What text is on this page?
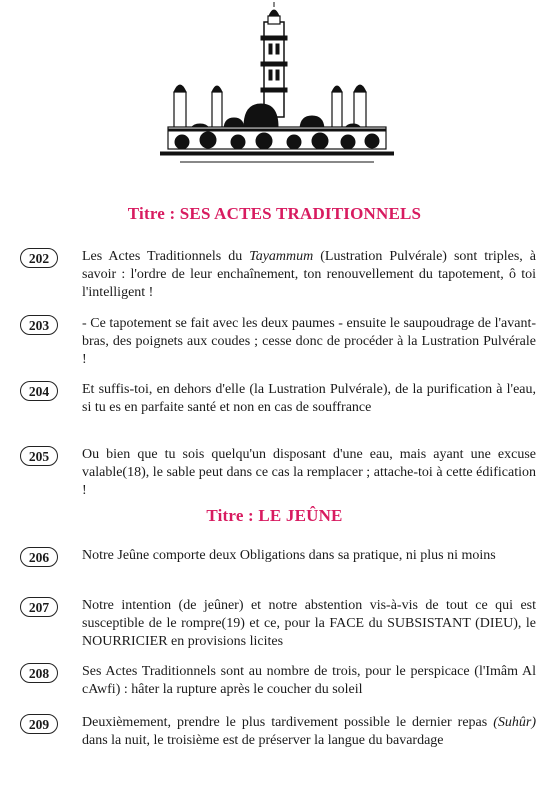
Titre : SES ACTES TRADITIONNELS
202	Les Actes Traditionnels du Tayammum (Lustration Pulvérale) sont triples, à savoir : l'ordre de leur enchaînement, ton renouvellement du tapotement, ô toi l'intelligent !
203	- Ce tapotement se fait avec les deux paumes - ensuite le saupoudrage de l'avant-bras, des poignets aux coudes ; cesse donc de procéder à la Lustration Pulvérale !
204	Et suffis-toi, en dehors d'elle (la Lustration Pulvérale), de la purification à l'eau, si tu es en parfaite santé et non en cas de souffrance
205	Ou bien que tu sois quelqu'un disposant d'une eau, mais ayant une excuse valable(18), le sable peut dans ce cas la remplacer ; attache-toi à cette édification !
Titre : LE JEÛNE
206	Notre Jeûne comporte deux Obligations dans sa pratique, ni plus ni moins
207	Notre intention (de jeûner) et notre abstention vis-à-vis de tout ce qui est susceptible de le rompre(19) et ce, pour la FACE du SUBSISTANT (DIEU), le NOURRICIER en provisions licites
208	Ses Actes Traditionnels sont au nombre de trois, pour le perspicace (l'Imâm Al cAwfi) : hâter la rupture après le coucher du soleil
209	Deuxièmement, prendre le plus tardivement possible le dernier repas (Suhûr) dans la nuit, le troisième est de préserver la langue du bavardage
